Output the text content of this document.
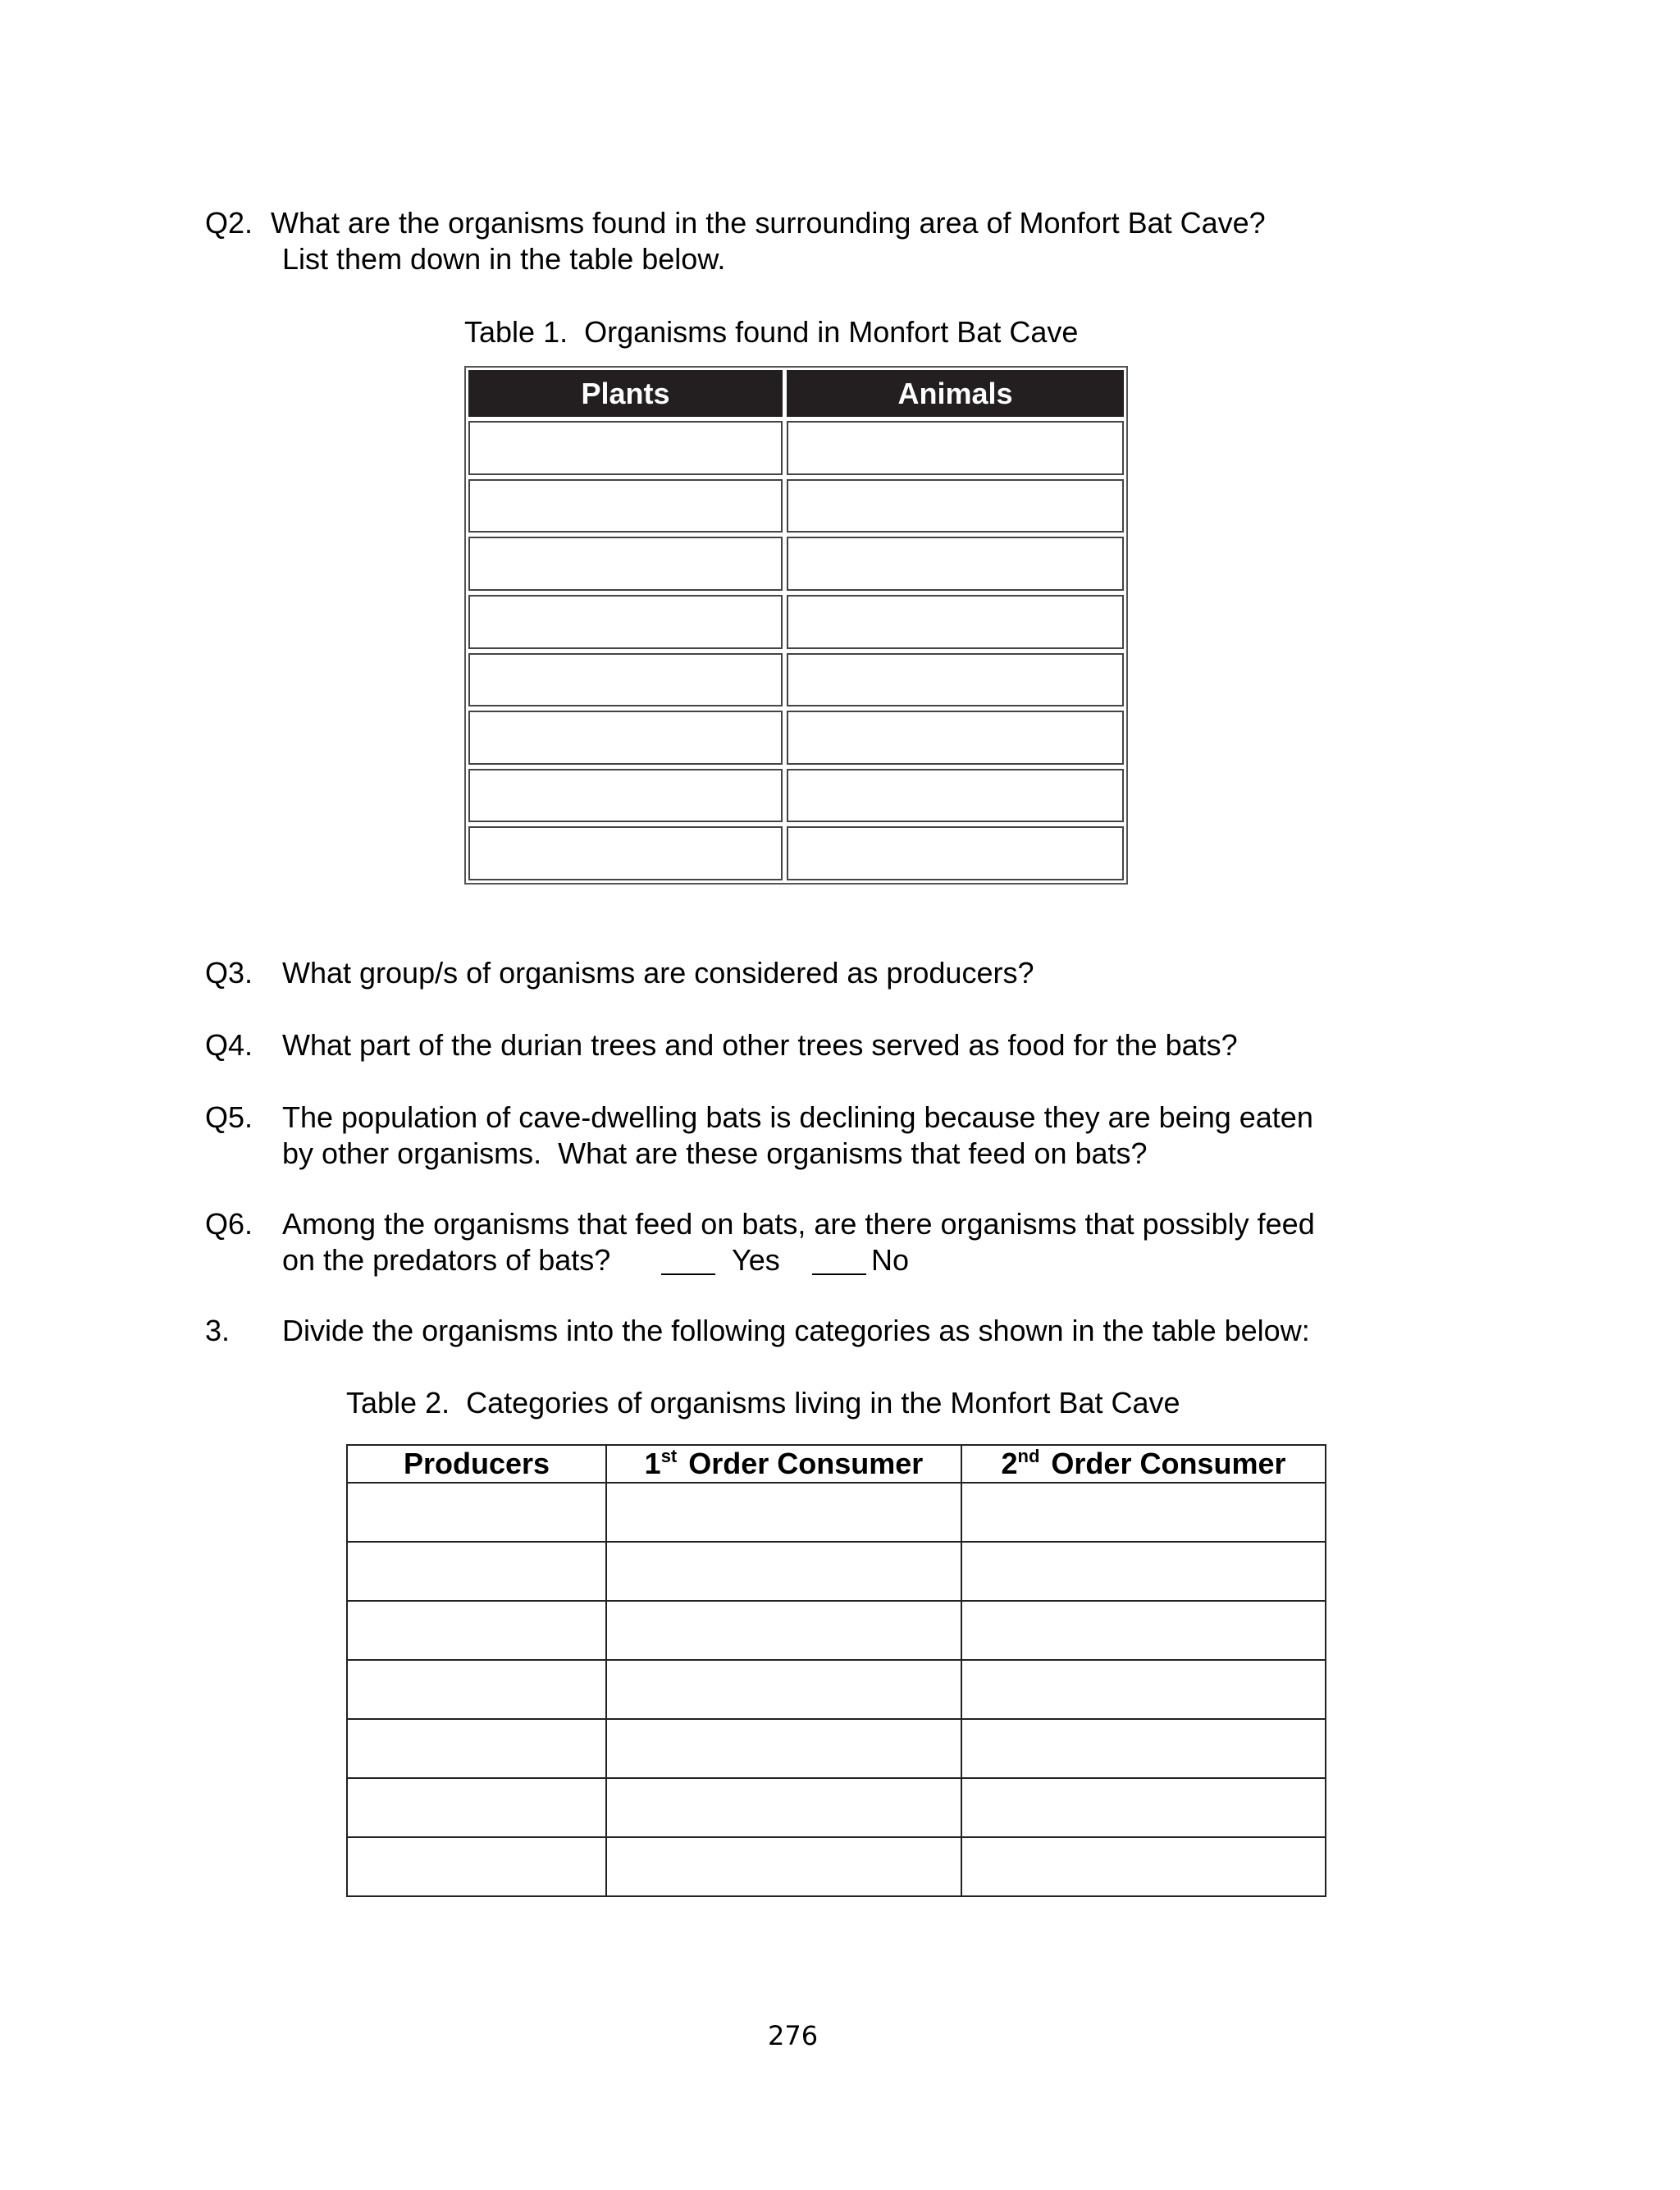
Q2. What are the organisms found in the surrounding area of Monfort Bat Cave?
List them down in the table below.
Table 1.  Organisms found in Monfort Bat Cave
Plants	Animals
Q3. What group/s of organisms are considered as producers?
Q4. What part of the durian trees and other trees served as food for the bats?
Q5. The population of cave-dwelling bats is declining because they are being eaten
by other organisms.  What are these organisms that feed on bats?
Q6. Among the organisms that feed on bats, are there organisms that possibly feed
on the predators of bats?	Yes	No
3. Divide the organisms into the following categories as shown in the table below:
Table 2.  Categories of organisms living in the Monfort Bat Cave
Producers	1st Order Consumer	2nd Order Consumer

276
